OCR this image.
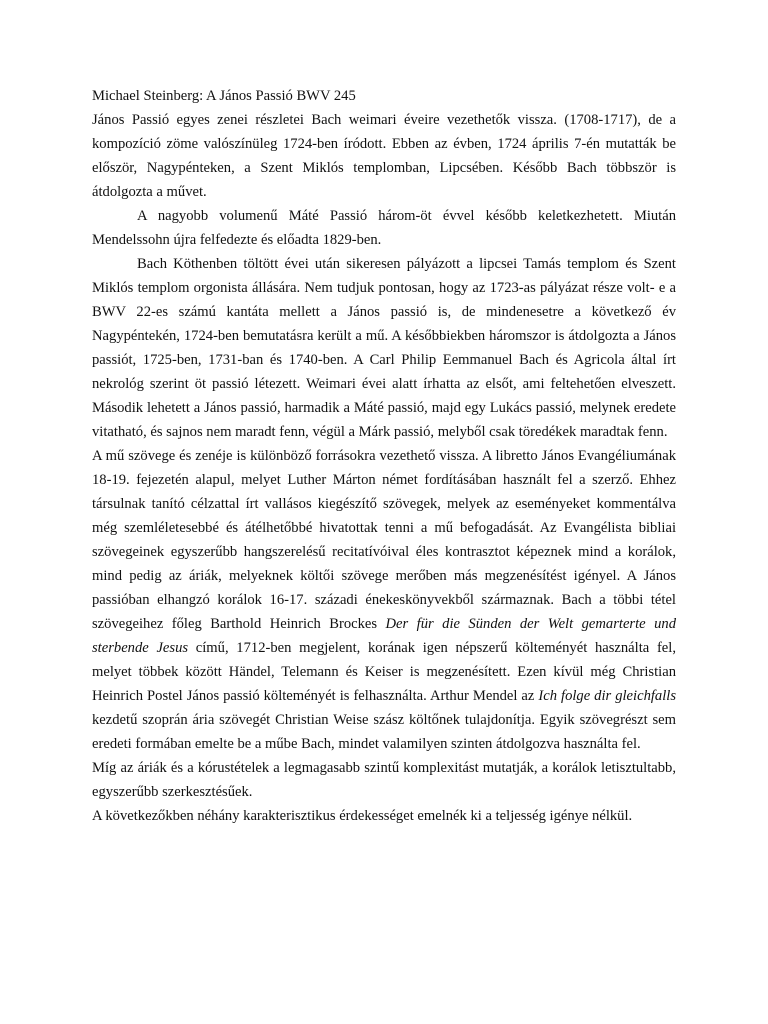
Michael Steinberg: A János Passió BWV 245

János Passió egyes zenei részletei Bach weimari éveire vezethetők vissza. (1708-1717), de a kompozíció zöme valószínüleg 1724-ben íródott. Ebben az évben, 1724 április 7-én mutatták be először, Nagypénteken, a Szent Miklós templomban, Lipcsében. Később Bach többször is átdolgozta a művet.

A nagyobb volumenű Máté Passió három-öt évvel később keletkezhetett. Miután Mendelssohn újra felfedezte és előadta 1829-ben.

Bach Köthenben töltött évei után sikeresen pályázott a lipcsei Tamás templom és Szent Miklós templom orgonista állására. Nem tudjuk pontosan, hogy az 1723-as pályázat része volt- e a BWV 22-es számú kantáta mellett a János passió is, de mindenesetre a következő év Nagypéntekén, 1724-ben bemutatásra került a mű. A későbbiekben háromszor is átdolgozta a János passiót, 1725-ben, 1731-ban és 1740-ben. A Carl Philip Eemmanuel Bach és Agricola által írt nekrológ szerint öt passió létezett. Weimari évei alatt írhatta az elsőt, ami feltehetően elveszett. Második lehetett a János passió, harmadik a Máté passió, majd egy Lukács passió, melynek eredete vitatható, és sajnos nem maradt fenn, végül a Márk passió, melyből csak töredékek maradtak fenn.

A mű szövege és zenéje is különböző forrásokra vezethető vissza. A libretto János Evangéliumának 18-19. fejezetén alapul, melyet Luther Márton német fordításában használt fel a szerző. Ehhez társulnak tanító célzattal írt vallásos kiegészítő szövegek, melyek az eseményeket kommentálva még szemléletesebbé és átélhetőbbé hivatottak tenni a mű befogadását. Az Evangélista bibliai szövegeinek egyszerűbb hangszerelésű recitatívóival éles kontrasztot képeznek mind a korálok, mind pedig az áriák, melyeknek költői szövege merőben más megzenésítést igényel. A János passióban elhangzó korálok 16-17. századi énekeskönyvekből származnak. Bach a többi tétel szövegeihez főleg Barthold Heinrich Brockes Der für die Sünden der Welt gemarterte und sterbende Jesus című, 1712-ben megjelent, korának igen népszerű költeményét használta fel, melyet többek között Händel, Telemann és Keiser is megzenésített. Ezen kívül még Christian Heinrich Postel János passió költeményét is felhasználta. Arthur Mendel az Ich folge dir gleichfalls kezdetű szoprán ária szövegét Christian Weise szász költőnek tulajdonítja. Egyik szövegrészt sem eredeti formában emelte be a műbe Bach, mindet valamilyen szinten átdolgozva használta fel.

Míg az áriák és a kórustételek a legmagasabb szintű komplexitást mutatják, a korálok letisztultabb, egyszerűbb szerkesztésűek.

A következőkben néhány karakterisztikus érdekességet emelnék ki a teljesség igénye nélkül.
